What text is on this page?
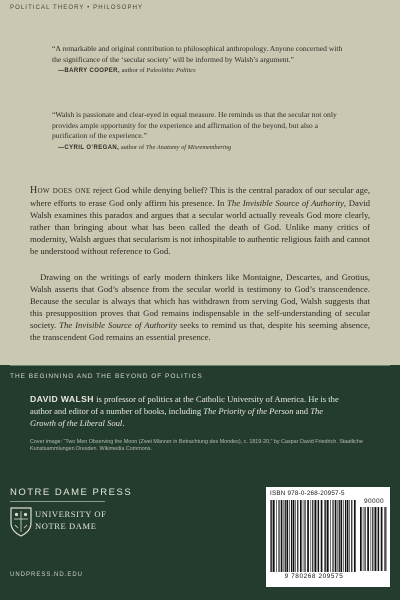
POLITICAL THEORY • PHILOSOPHY
“A remarkable and original contribution to philosophical anthropology. Anyone concerned with the significance of the ‘secular society’ will be informed by Walsh’s argument.”
—BARRY COOPER, author of Paleolithic Politics
“Walsh is passionate and clear-eyed in equal measure. He reminds us that the secular not only provides ample opportunity for the experience and affirmation of the beyond, but also a purification of the experience.”
—CYRIL O’REGAN, author of The Anatomy of Misremembering

How does one reject God while denying belief? This is the central paradox of our secular age, where efforts to erase God only affirm his presence. In The Invisible Source of Authority, David Walsh examines this paradox and argues that a secular world actually reveals God more clearly, rather than bringing about what has been called the death of God. Unlike many critics of modernity, Walsh argues that secularism is not inhospitable to authentic religious faith and cannot be understood without reference to God.

Drawing on the writings of early modern thinkers like Montaigne, Descartes, and Grotius, Walsh asserts that God’s absence from the secular world is testimony to God’s transcendence. Because the secular is always that which has withdrawn from serving God, Walsh suggests that this presupposition proves that God remains indispensable in the self-understanding of secular society. The Invisible Source of Authority seeks to remind us that, despite his seeming absence, the transcendent God remains an essential presence.

THE BEGINNING AND THE BEYOND OF POLITICS

DAVID WALSH is professor of politics at the Catholic University of America. He is the author and editor of a number of books, including The Priority of the Person and The Growth of the Liberal Soul.

Cover image: “Two Men Observing the Moon (Zwei Männer in Betrachtung des Mondes), c. 1819-20,” by Caspar David Friedrich. Staatliche Kunstsammlungen Dresden. Wikimedia Commons.

NOTRE DAME PRESS
UNIVERSITY OF
NOTRE DAME
UNDPRESS.ND.EDU
ISBN 978-0-268-20957-5
90000
9 780268 209575
